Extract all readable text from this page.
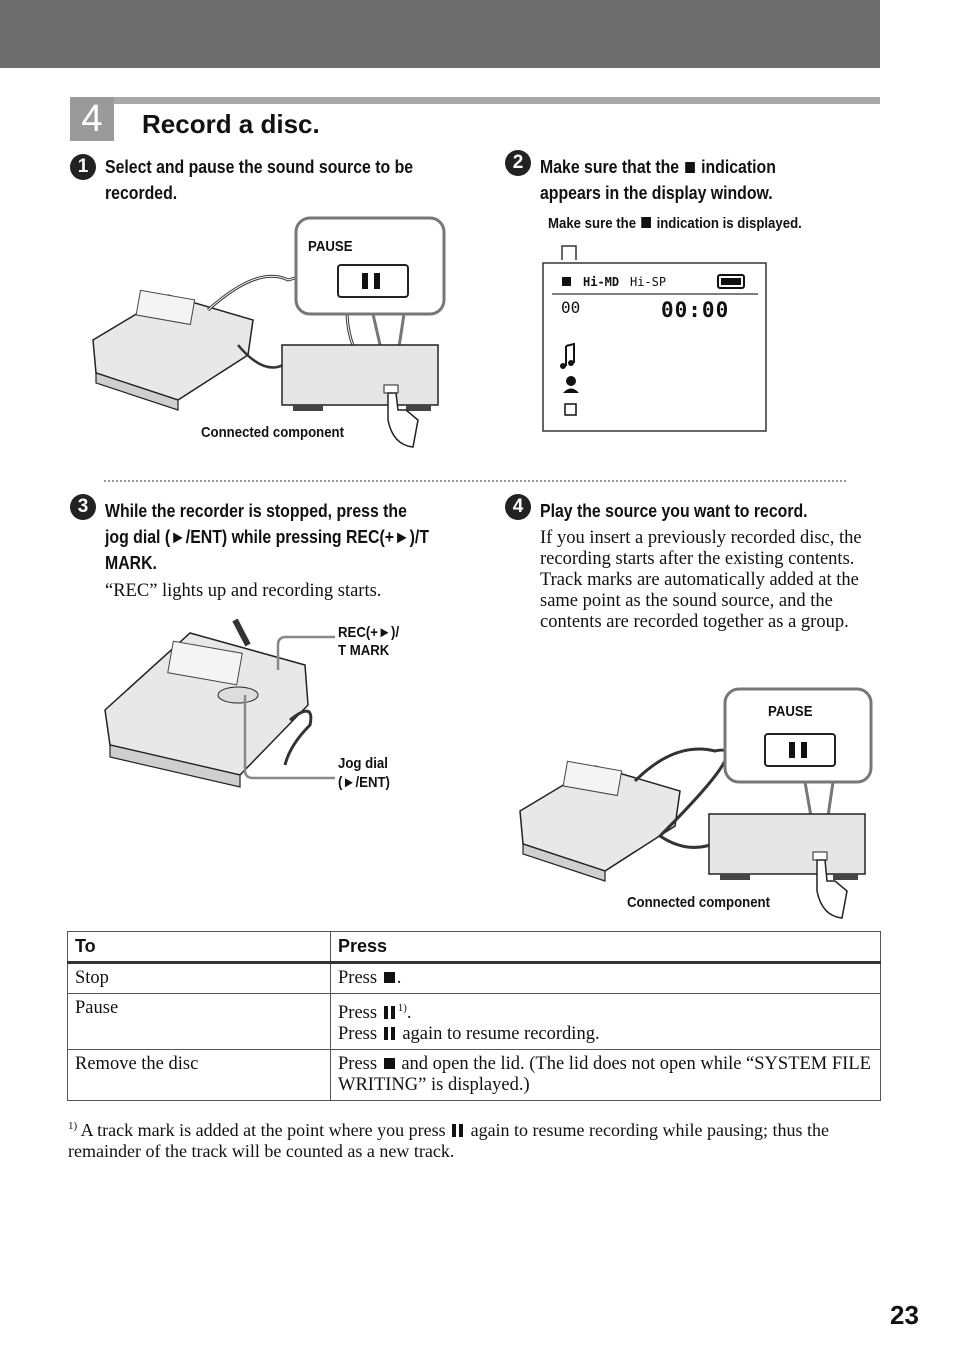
4	Record a disc.
1 Select and pause the sound source to be recorded.
2 Make sure that the  indication appears in the display window.
PAUSE
Connected component
Make sure the  indication is displayed.
Hi-MD Hi-SP
00	00:00
3 While the recorder is stopped, press the jog dial (►/ENT) while pressing REC(+►)/T MARK.
“REC” lights up and recording starts.
REC(+►)/
T MARK
Jog dial
(►/ENT)
4 Play the source you want to record.
If you insert a previously recorded disc, the recording starts after the existing contents.
Track marks are automatically added at the same point as the sound source, and the contents are recorded together as a group.
PAUSE
Connected component
To	Press
Stop	Press .
Pause	Press $^{1)}$.
Press  again to resume recording.

Remove the disc	Press  and open the lid. (The lid does not open while “SYSTEM FILE WRITING” is displayed.)
$^{1)}$ A track mark is added at the point where you press  again to resume recording while pausing; thus the remainder of the track will be counted as a new track.
23
